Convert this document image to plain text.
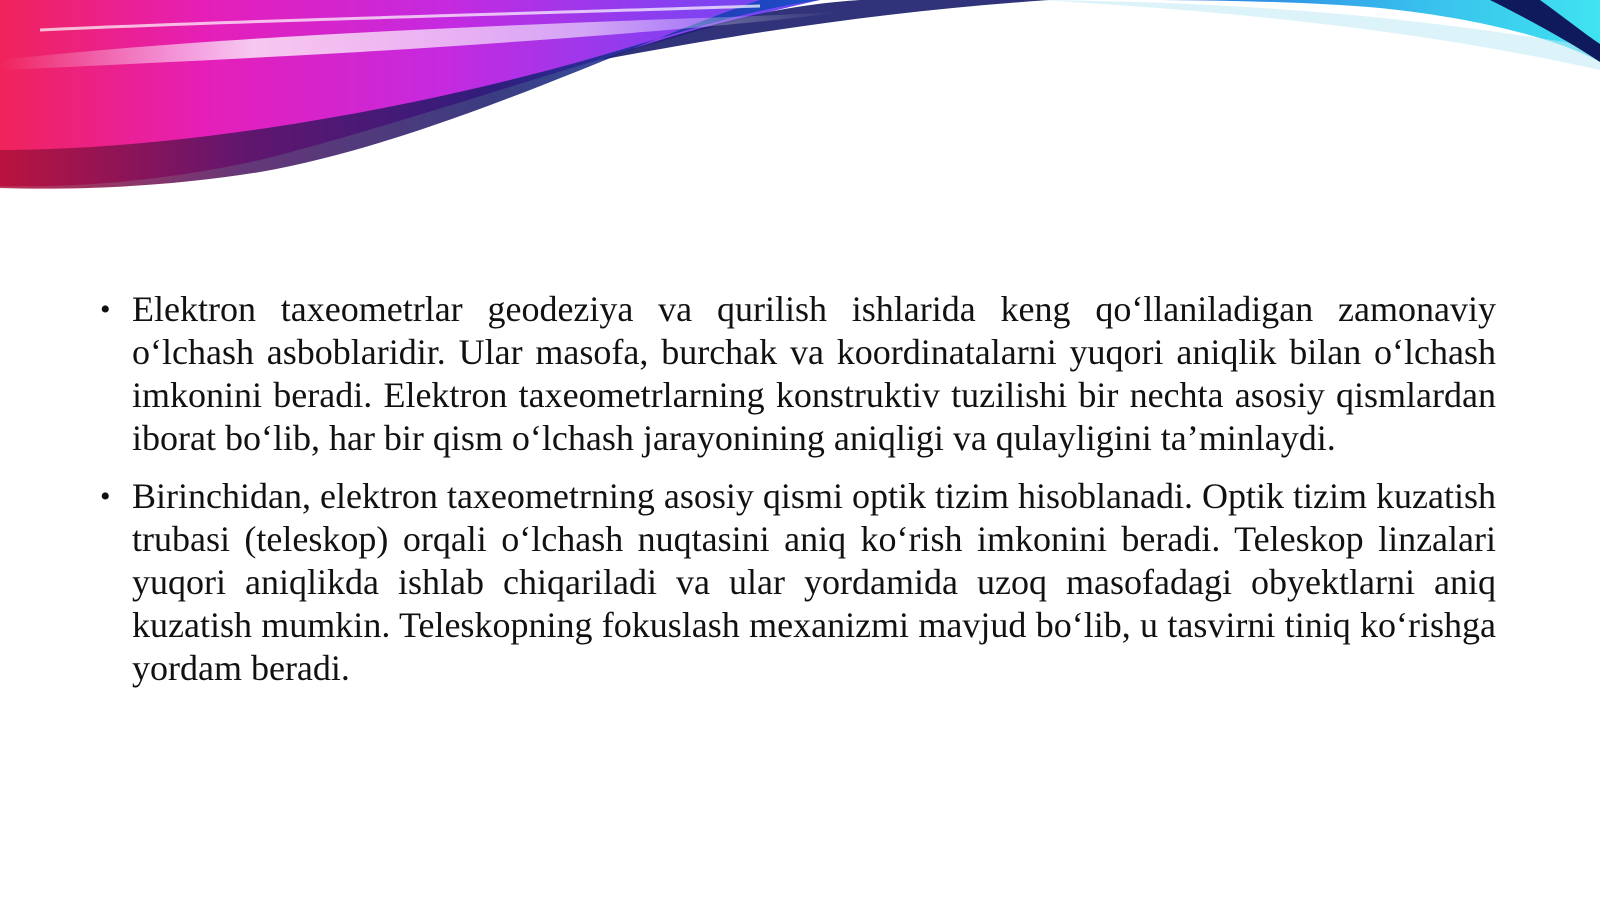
• Elektron taxeometrlar geodeziya va qurilish ishlarida keng qo‘llaniladigan zamonaviy o‘lchash asboblaridir. Ular masofa, burchak va koordinatalarni yuqori aniqlik bilan o‘lchash imkonini beradi. Elektron taxeometrlarning konstruktiv tuzilishi bir nechta asosiy qismlardan iborat bo‘lib, har bir qism o‘lchash jarayonining aniqligi va qulayligini ta’minlaydi.
• Birinchidan, elektron taxeometrning asosiy qismi optik tizim hisoblanadi. Optik tizim kuzatish trubasi (teleskop) orqali o‘lchash nuqtasini aniq ko‘rish imkonini beradi. Teleskop linzalari yuqori aniqlikda ishlab chiqariladi va ular yordamida uzoq masofadagi obyektlarni aniq kuzatish mumkin. Teleskopning fokuslash mexanizmi mavjud bo‘lib, u tasvirni tiniq ko‘rishga yordam beradi.
